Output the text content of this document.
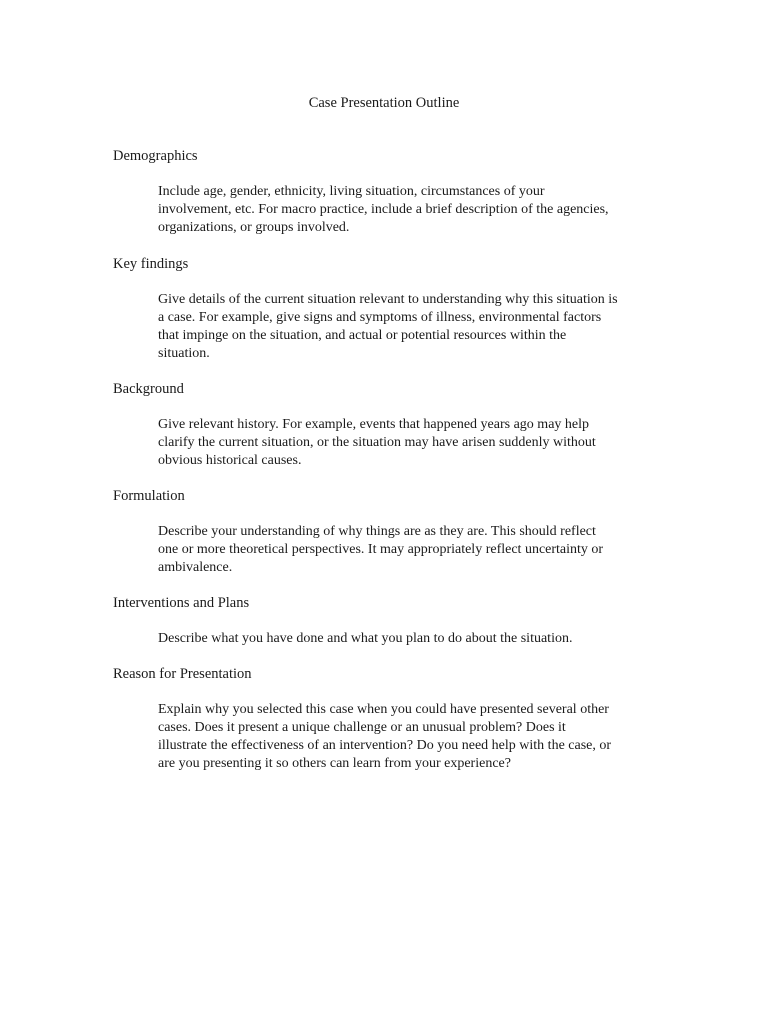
Case Presentation Outline

Demographics

Include age, gender, ethnicity, living situation, circumstances of your
involvement, etc. For macro practice, include a brief description of the agencies,
organizations, or groups involved.

Key findings

Give details of the current situation relevant to understanding why this situation is
a case. For example, give signs and symptoms of illness, environmental factors
that impinge on the situation, and actual or potential resources within the
situation.

Background

Give relevant history. For example, events that happened years ago may help
clarify the current situation, or the situation may have arisen suddenly without
obvious historical causes.

Formulation

Describe your understanding of why things are as they are. This should reflect
one or more theoretical perspectives. It may appropriately reflect uncertainty or
ambivalence.

Interventions and Plans

Describe what you have done and what you plan to do about the situation.

Reason for Presentation

Explain why you selected this case when you could have presented several other
cases. Does it present a unique challenge or an unusual problem? Does it
illustrate the effectiveness of an intervention? Do you need help with the case, or
are you presenting it so others can learn from your experience?
